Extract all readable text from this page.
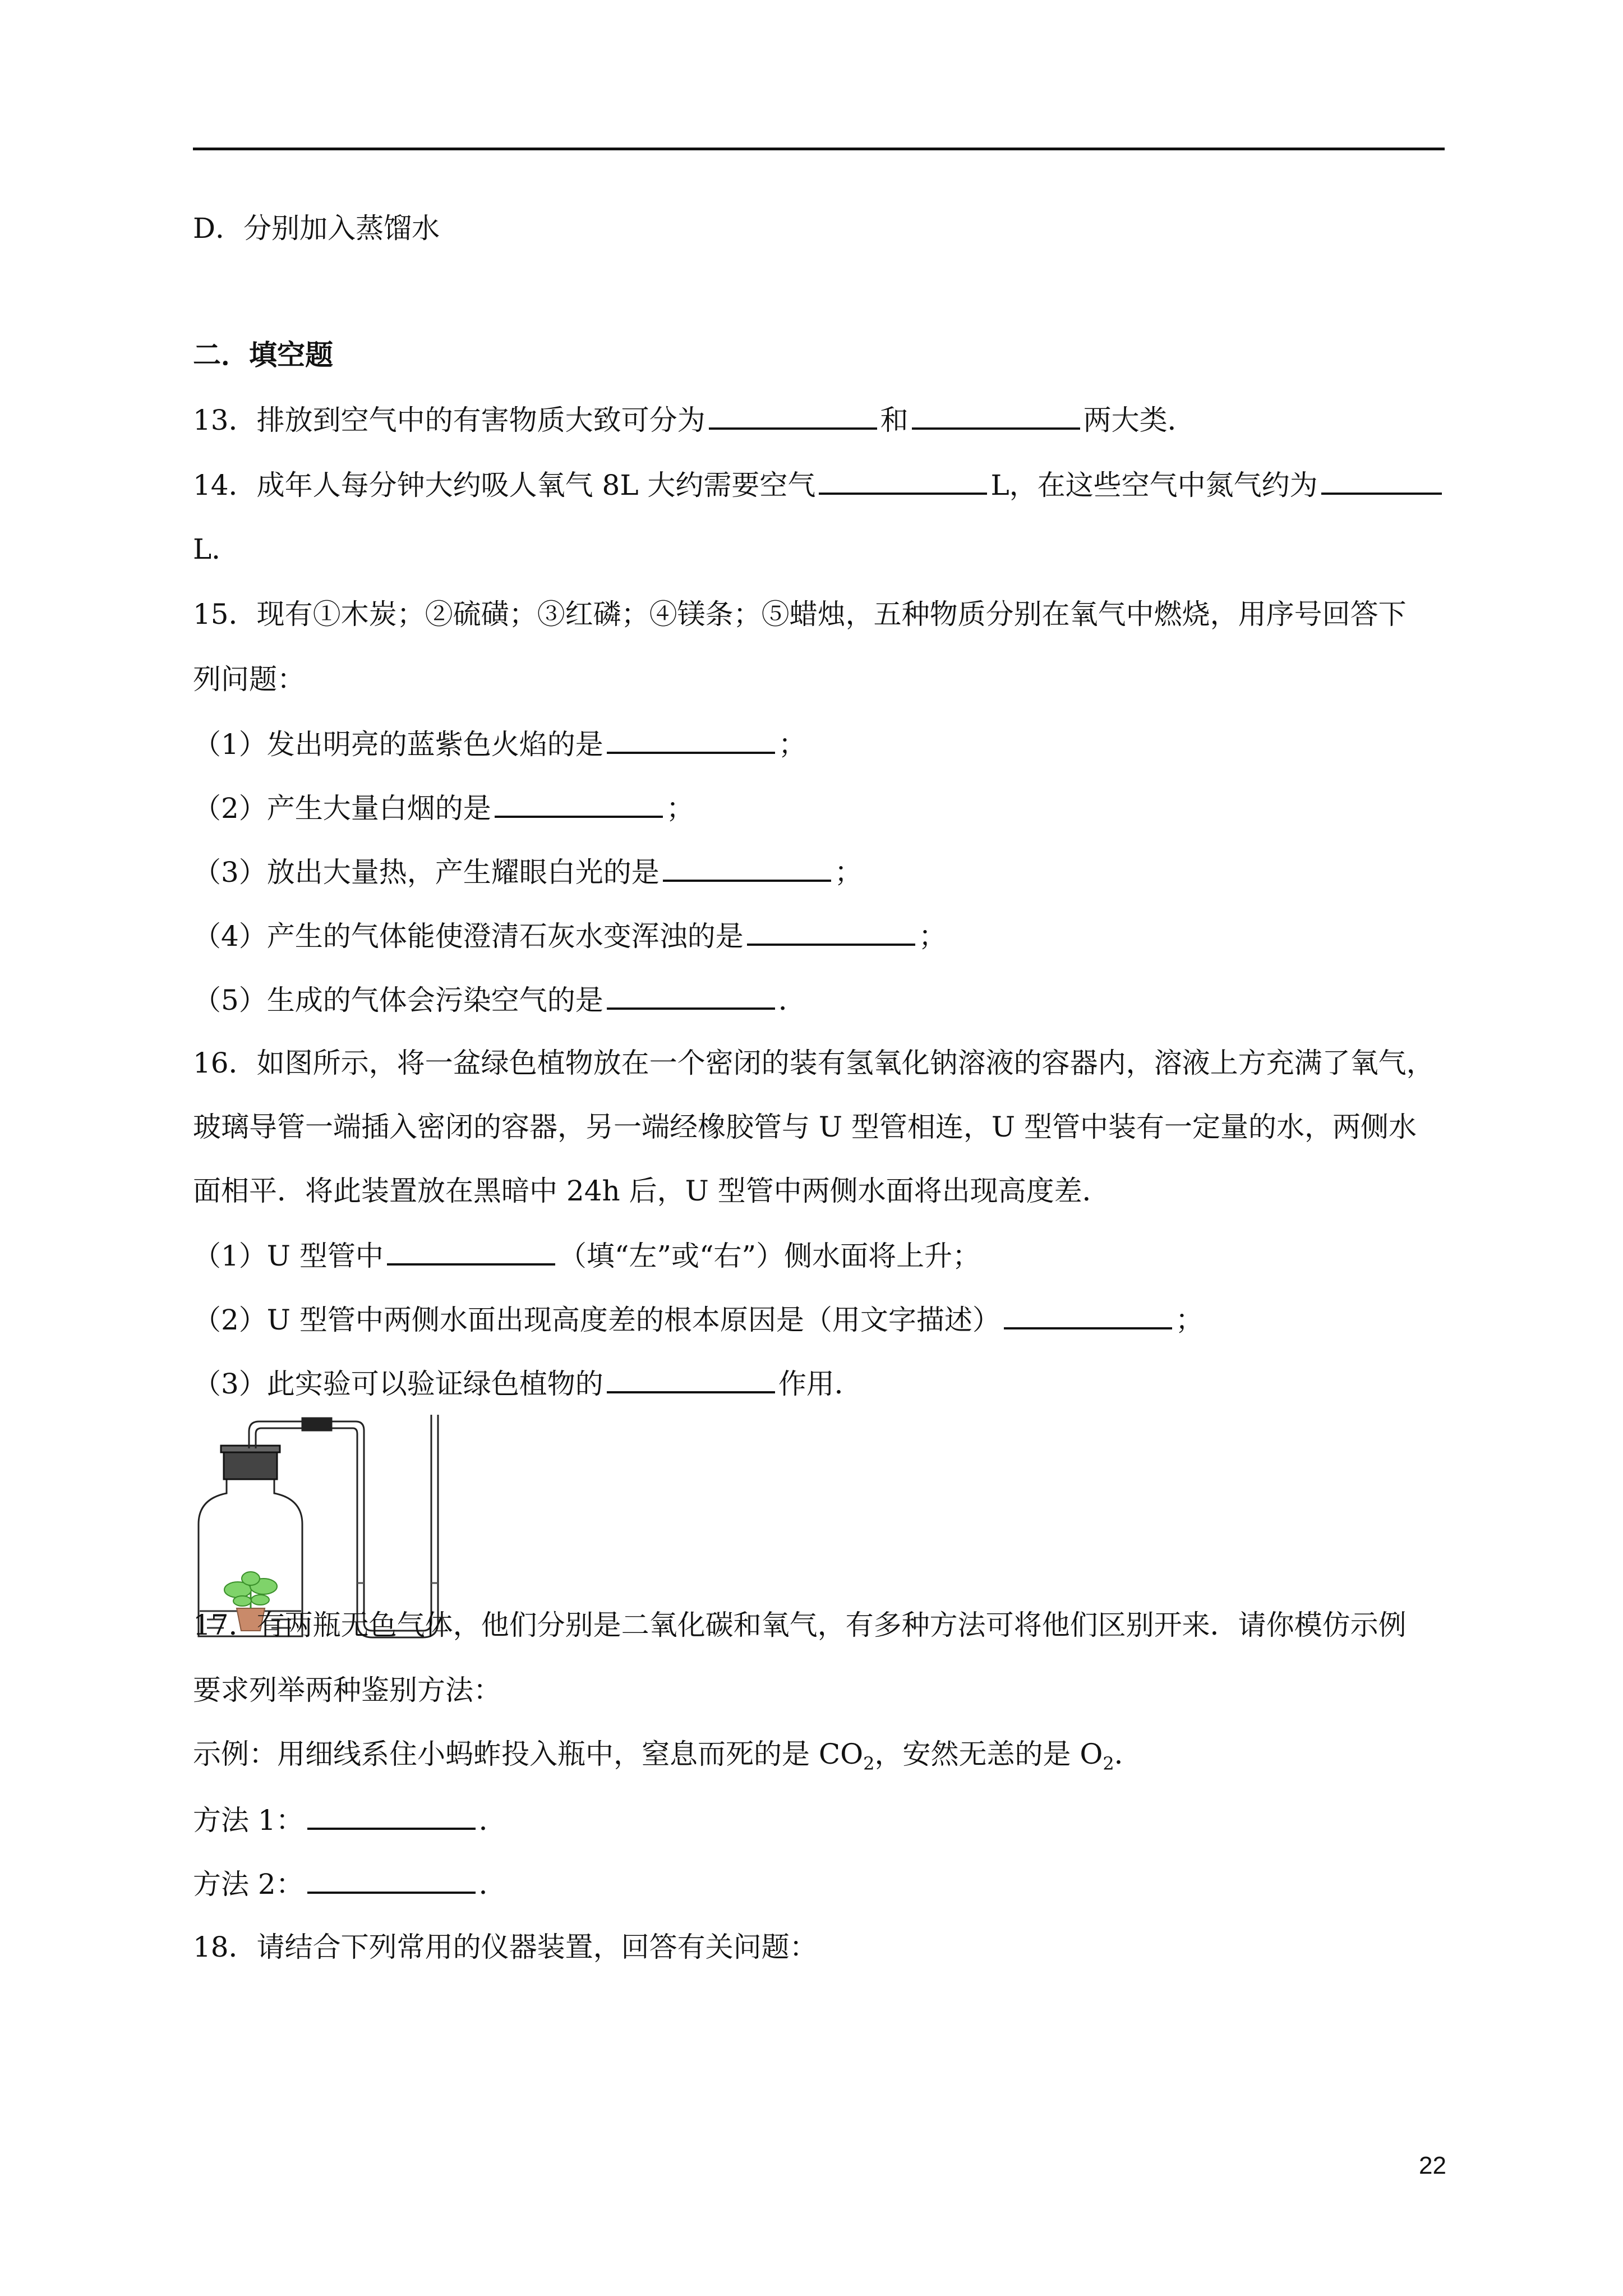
D．分别加入蒸馏水
二．填空题
13．排放到空气中的有害物质大致可分为	和	两大类．
14．成年人每分钟大约吸人氧气 8L 大约需要空气	L，在这些空气中氮气约为
L．
15．现有①木炭；②硫磺；③红磷；④镁条；⑤蜡烛，五种物质分别在氧气中燃烧，用序号回答下
列问题：
（1）发出明亮的蓝紫色火焰的是	；
（2）产生大量白烟的是	；
（3）放出大量热，产生耀眼白光的是	；
（4）产生的气体能使澄清石灰水变浑浊的是	；
（5）生成的气体会污染空气的是	．
16．如图所示，将一盆绿色植物放在一个密闭的装有氢氧化钠溶液的容器内，溶液上方充满了氧气，
玻璃导管一端插入密闭的容器，另一端经橡胶管与 U 型管相连，U 型管中装有一定量的水，两侧水
面相平．将此装置放在黑暗中 24h 后，U 型管中两侧水面将出现高度差．
（1）U 型管中	（填“左”或“右”）侧水面将上升；
（2）U 型管中两侧水面出现高度差的根本原因是（用文字描述）	；
（3）此实验可以验证绿色植物的	作用．
17．有两瓶无色气体，他们分别是二氧化碳和氧气，有多种方法可将他们区别开来．请你模仿示例
要求列举两种鉴别方法：
示例：用细线系住小蚂蚱投入瓶中，窒息而死的是 $CO_2$，安然无恙的是 $O_2$．
方法 1：	．
方法 2：	．
18．请结合下列常用的仪器装置，回答有关问题：
22
